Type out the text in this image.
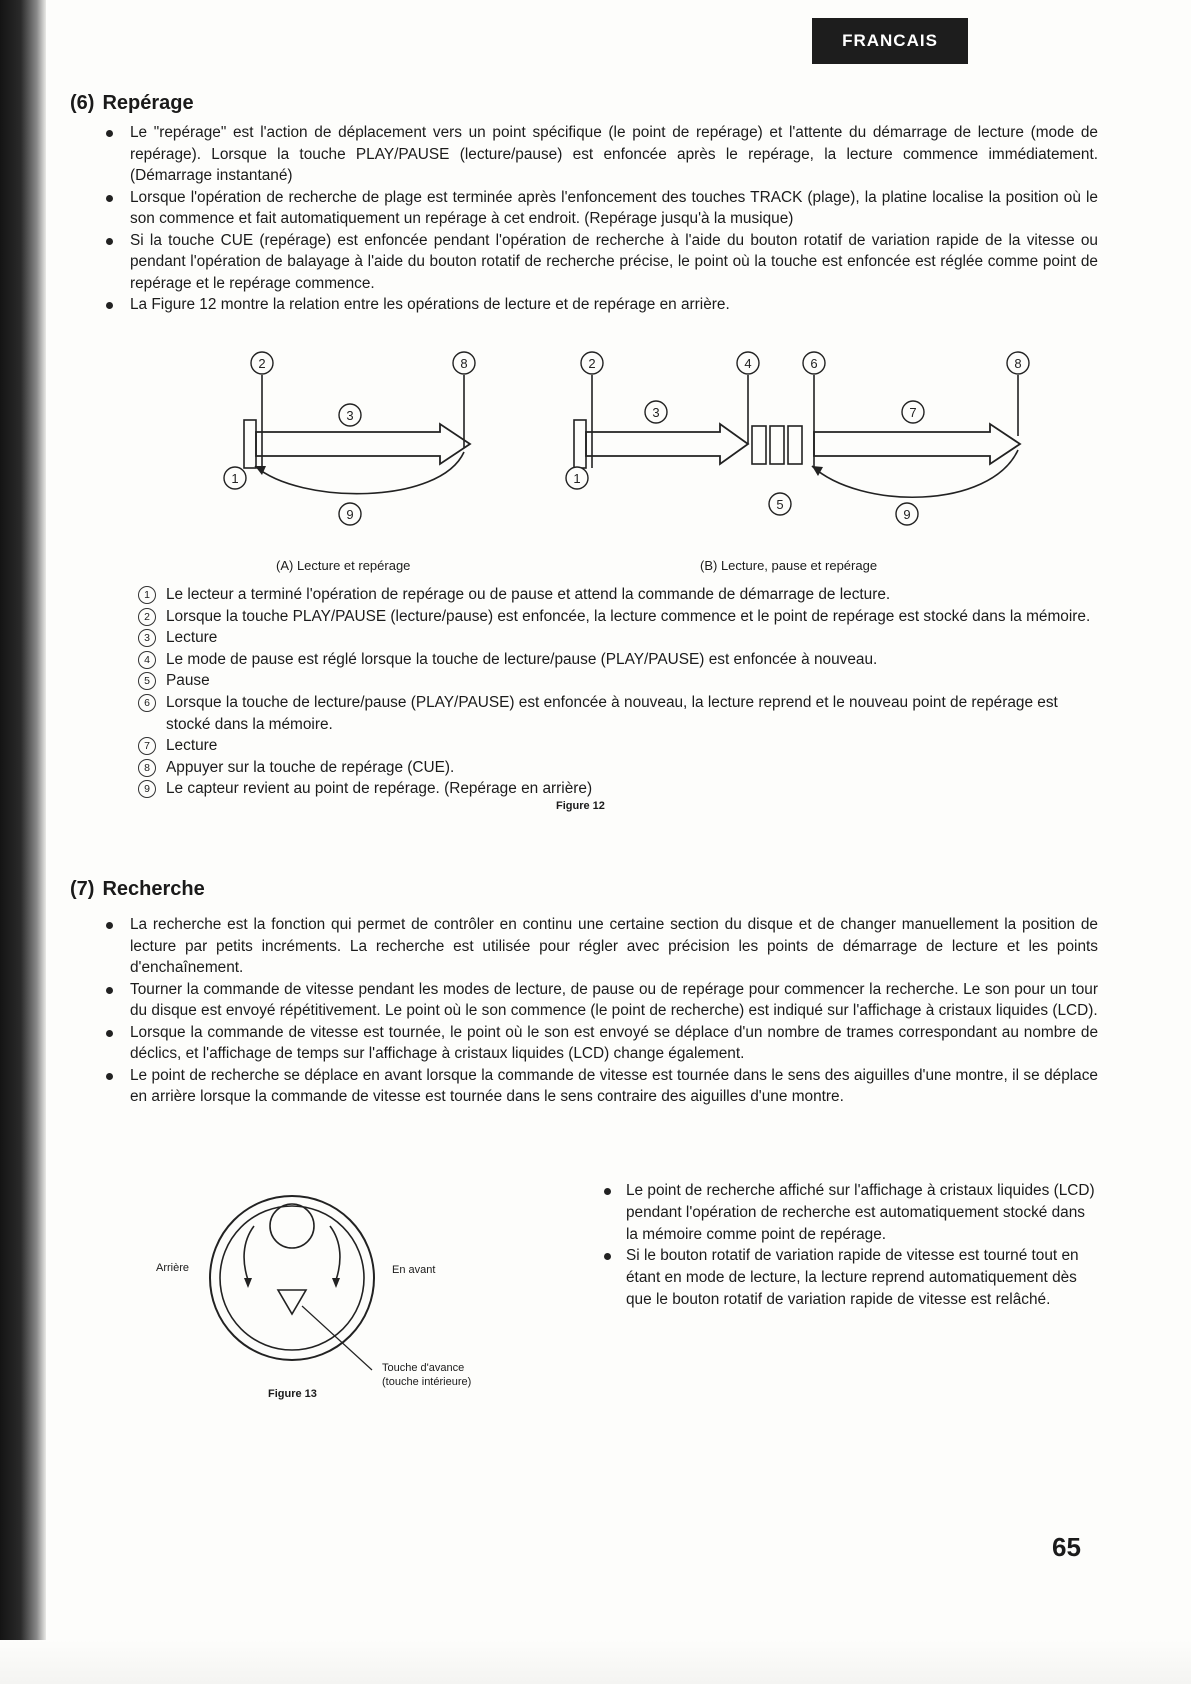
FRANCAIS
(6) Repérage
Le "repérage" est l'action de déplacement vers un point spécifique (le point de repérage) et l'attente du démarrage de lecture (mode de repérage). Lorsque la touche PLAY/PAUSE (lecture/pause) est enfoncée après le repérage, la lecture commence immédiatement. (Démarrage instantané)
Lorsque l'opération de recherche de plage est terminée après l'enfoncement des touches TRACK (plage), la platine localise la position où le son commence et fait automatiquement un repérage à cet endroit. (Repérage jusqu'à la musique)
Si la touche CUE (repérage) est enfoncée pendant l'opération de recherche à l'aide du bouton rotatif de variation rapide de la vitesse ou pendant l'opération de balayage à l'aide du bouton rotatif de recherche précise, le point où la touche est enfoncée est réglée comme point de repérage et le repérage commence.
La Figure 12 montre la relation entre les opérations de lecture et de repérage en arrière.
2	8
3
1
9
2
3
4	6	8
7
1
5
9
(A) Lecture et repérage	(B) Lecture, pause et repérage
1	Le lecteur a terminé l'opération de repérage ou de pause et attend la commande de démarrage de lecture.
2	Lorsque la touche PLAY/PAUSE (lecture/pause) est enfoncée, la lecture commence et le point de repérage est stocké dans la mémoire.
3	Lecture
4	Le mode de pause est réglé lorsque la touche de lecture/pause (PLAY/PAUSE) est enfoncée à nouveau.
5	Pause
6	Lorsque la touche de lecture/pause (PLAY/PAUSE) est enfoncée à nouveau, la lecture reprend et le nouveau point de repérage est stocké dans la mémoire.
7	Lecture
8	Appuyer sur la touche de repérage (CUE).
9	Le capteur revient au point de repérage. (Repérage en arrière)
Figure 12
(7) Recherche
La recherche est la fonction qui permet de contrôler en continu une certaine section du disque et de changer manuellement la position de lecture par petits incréments. La recherche est utilisée pour régler avec précision les points de démarrage de lecture et les points d'enchaînement.
Tourner la commande de vitesse pendant les modes de lecture, de pause ou de repérage pour commencer la recherche. Le son pour un tour du disque est envoyé répétitivement. Le point où le son commence (le point de recherche) est indiqué sur l'affichage à cristaux liquides (LCD).
Lorsque la commande de vitesse est tournée, le point où le son est envoyé se déplace d'un nombre de trames correspondant au nombre de déclics, et l'affichage de temps sur l'affichage à cristaux liquides (LCD) change également.
Le point de recherche se déplace en avant lorsque la commande de vitesse est tournée dans le sens des aiguilles d'une montre, il se déplace en arrière lorsque la commande de vitesse est tournée dans le sens contraire des aiguilles d'une montre.
Arrière	En avant
Touche d'avance
(touche intérieure)
Figure 13
Le point de recherche affiché sur l'affichage à cristaux liquides (LCD) pendant l'opération de recherche est automatiquement stocké dans la mémoire comme point de repérage.
Si le bouton rotatif de variation rapide de vitesse est tourné tout en étant en mode de lecture, la lecture reprend automatiquement dès que le bouton rotatif de variation rapide de vitesse est relâché.
65
